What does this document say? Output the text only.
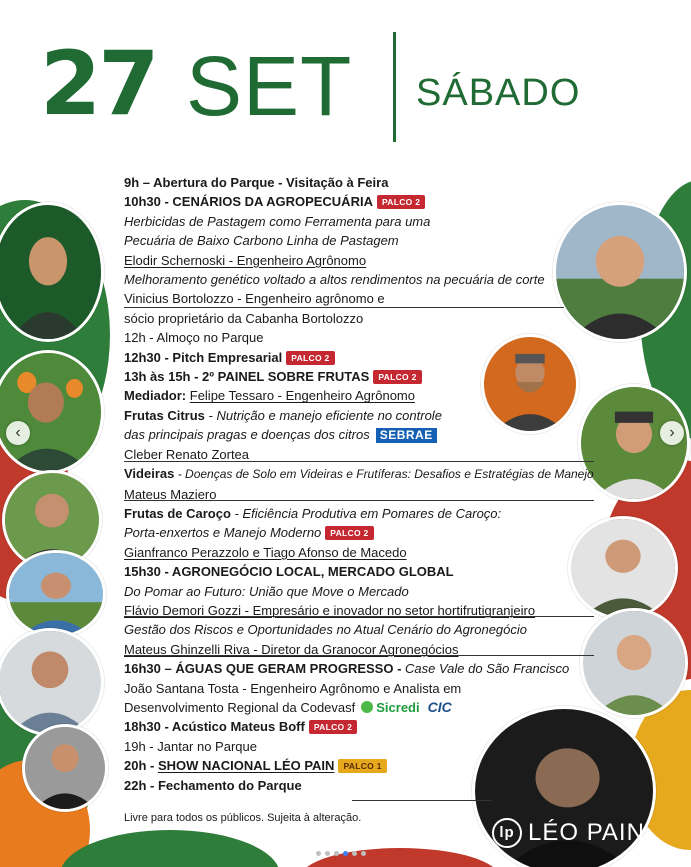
27 SET SÁBADO
9h – Abertura do Parque - Visitação à Feira
10h30 - CENÁRIOS DA AGROPECUÁRIA PALCO 2
Herbicidas de Pastagem como Ferramenta para uma
Pecuária de Baixo Carbono Linha de Pastagem
Elodir Schernoski - Engenheiro Agrônomo
Melhoramento genético voltado a altos rendimentos na pecuária de corte
Vinicius Bortolozzo - Engenheiro agrônomo e
sócio proprietário da Cabanha Bortolozzo
12h - Almoço no Parque
12h30 - Pitch Empresarial PALCO 2
13h às 15h - 2º PAINEL SOBRE FRUTAS PALCO 2
Mediador: Felipe Tessaro - Engenheiro Agrônomo
Frutas Citrus - Nutrição e manejo eficiente no controle
das principais pragas e doenças dos citros SEBRAE
Cleber Renato Zortea
Videiras - Doenças de Solo em Videiras e Frutíferas: Desafios e Estratégias de Manejo
Mateus Maziero
Frutas de Caroço - Eficiência Produtiva em Pomares de Caroço:
Porta-enxertos e Manejo Moderno PALCO 2
Gianfranco Perazzolo e Tiago Afonso de Macedo
15h30 - AGRONEGÓCIO LOCAL, MERCADO GLOBAL
Do Pomar ao Futuro: União que Move o Mercado
Flávio Demori Gozzi - Empresário e inovador no setor hortifrutigranjeiro
Gestão dos Riscos e Oportunidades no Atual Cenário do Agronegócio
Mateus Ghinzelli Riva - Diretor da Granocor Agronegócios
16h30 – ÁGUAS QUE GERAM PROGRESSO - Case Vale do São Francisco
João Santana Tosta - Engenheiro Agrônomo e Analista em
Desenvolvimento Regional da Codevasf Sicredi CIC
18h30 - Acústico Mateus Boff PALCO 2
19h - Jantar no Parque
20h - SHOW NACIONAL LÉO PAIN PALCO 1
22h - Fechamento do Parque
Livre para todos os públicos. Sujeita à alteração.
lp LÉO PAIN
‹	›
